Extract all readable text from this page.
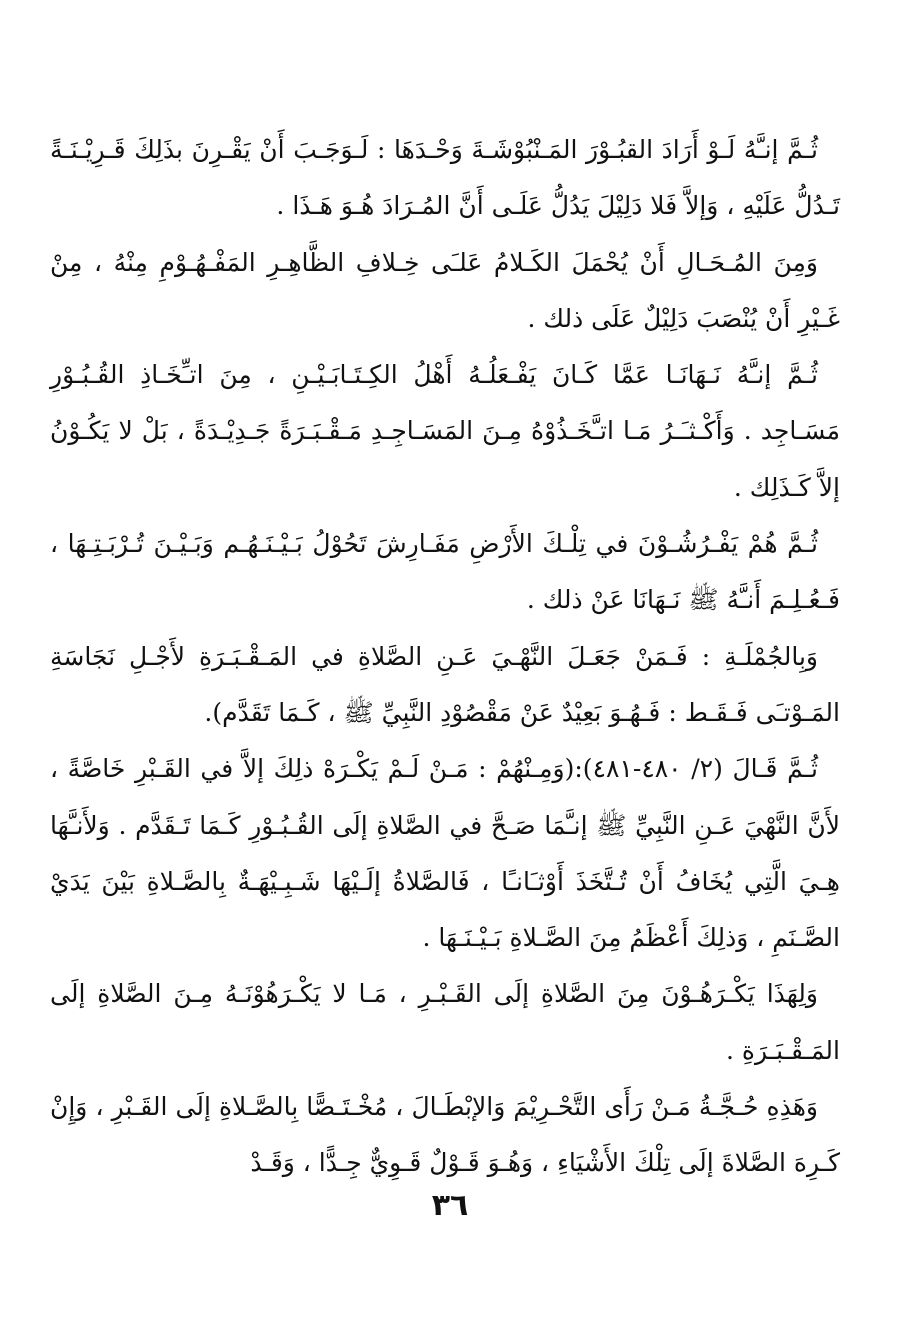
ثُـمَّ إنـَّهُ لَـوْ أَرَادَ القبُـوْرَ المَـنْبُوْشَـةَ وَحْـدَهَا : لَـوَجَـبَ أَنْ يَقْـرِنَ بذَلِكَ قَـرِيْـنَـةً تَـدُلُّ عَلَيْهِ ، وَإلاَّ فَلا دَلِيْلَ يَدُلُّ عَلَـى أَنَّ المُـرَادَ هُـوَ هَـذَا .

وَمِنَ المُـحَـالِ أَنْ يُحْمَلَ الكَـلامُ عَلـَى خِـلافِ الظَّاهِـرِ المَفْـهُـوْمِ مِنْهُ ، مِنْ غَـيْرِ أَنْ يُنْصَبَ دَلِيْلٌ عَلَى ذلك .

ثُـمَّ إنـَّهُ نَـهَانَـا عَمَّا كَـانَ يَفْـعَلُـهُ أَهْلُ الكِـتَـابَـيْـنِ ، مِنَ اتـِّخَـاذِ القُـبُـوْرِ مَسَـاجِد . وَأَكْـثـَـرُ مَـا اتـَّخَـذُوْهُ مِـنَ المَسَـاجِـدِ مَـقْـبَـرَةً جَـدِيْـدَةً ، بَلْ لا يَكُـوْنُ إلاَّ كَـذَلِك .

ثُـمَّ هُمْ يَفْـرُشُـوْنَ في تِلْـكَ الأَرْضِ مَفَـارِشَ تَحُوْلُ بَـيْـنَـهُـم وَبَـيْـنَ تُـرْبَـتِـهَا ، فَـعُـلِـمَ أَنـَّهُ ﷺ نَـهَانَا عَنْ ذلك .

وَبِالجُمْلَـةِ : فَـمَنْ جَعَـلَ النَّهْـيَ عَـنِ الصَّلاةِ في المَـقْـبَـرَةِ لأَجْـلِ نَجَاسَةِ المَـوْتـَى فَـقَـط : فَـهُـوَ بَعِيْدٌ عَنْ مَقْصُوْدِ النَّبِيِّ ﷺ ، كَـمَا تَقَدَّم).

ثُـمَّ قَـالَ (٢/ ٤٨٠-٤٨١):(وَمِـنْهُمْ : مَـنْ لَـمْ يَكْـرَهْ ذلِكَ إلاَّ في القَـبْرِ خَاصَّةً ، لأَنَّ النَّهْيَ عَـنِ النَّبِيِّ ﷺ إنـَّمَا صَـحَّ في الصَّلاةِ إلَى القُـبُـوْرِ كَـمَا تَـقَدَّم . وَلأَنـَّهَا هِـيَ الَّتِي يُخَافُ أَنْ تُـتَّخَذَ أَوْثـَانـًا ، فَالصَّلاةُ إلَـيْهَا شَـبِـيْهَـةٌ بِالصَّـلاةِ بَيْنَ يَدَيْ الصَّـنَمِ ، وَذلِكَ أَعْظَمُ مِنَ الصَّـلاةِ بَـيْـنَـهَا .

وَلِهَذَا يَكْـرَهُـوْنَ مِنَ الصَّلاةِ إلَى القَـبْـرِ ، مَـا لا يَكْـرَهُوْنَـهُ مِـنَ الصَّلاةِ إلَى المَـقْـبَـرَةِ .

وَهَذِهِ حُـجَّـةُ مَـنْ رَأَى التَّحْـرِيْمَ وَالإبْطَـالَ ، مُخْـتَـصًّا بِالصَّـلاةِ إلَى القَـبْرِ ، وَإِنْ كَـرِهَ الصَّلاةَ إلَى تِلْكَ الأَشْيَاءِ ، وَهُـوَ قَـوْلٌ قَـوِيٌّ جِـدًّا ، وَقَـدْ

٣٦
